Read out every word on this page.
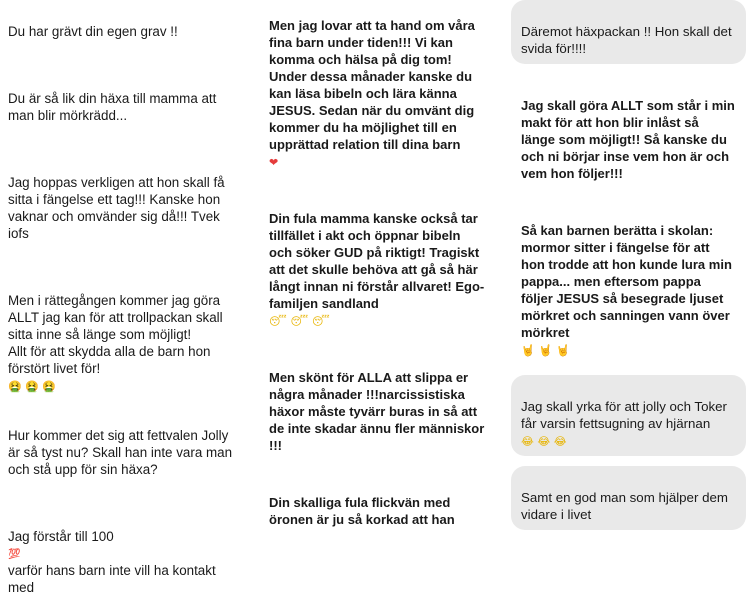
Du har grävt din egen grav !!

Du är så lik din häxa till mamma att man blir mörkrädd...

Jag hoppas verkligen att hon skall få sitta i fängelse ett tag!!! Kanske hon vaknar och omvänder sig då!!! Tvek iofs

Men i rättegången kommer jag göra ALLT jag kan för att trollpackan skall sitta inne så länge som möjligt!
Allt för att skydda alla de barn hon förstört livet för!

🤮 🤮 🤮

Hur kommer det sig att fettvalen Jolly är så tyst nu? Skall han inte vara man och stå upp för sin häxa?

Jag förstår till 100
💯
varför hans barn inte vill ha kontakt med

Men jag lovar att ta hand om våra fina barn under tiden!!! Vi kan komma och hälsa på dig tom! Under dessa månader kanske du kan läsa bibeln och lära känna JESUS. Sedan när du omvänt dig kommer du ha möjlighet till en upprättad relation till dina barn
❤

Din fula mamma kanske också tar tillfället i akt och öppnar bibeln och söker GUD på riktigt! Tragiskt att det skulle behöva att gå så här långt innan ni förstår allvaret! Ego-familjen sandland
😴 😴 😴

Men skönt för ALLA att slippa er några månader !!!narcissistiska häxor måste tyvärr buras in så att de inte skadar ännu fler människor !!!

Din skalliga fula flickvän med öronen är ju så korkad att han

Däremot häxpackan !! Hon skall det svida för!!!!

Jag skall göra ALLT som står i min makt för att hon blir inlåst så länge som möjligt!! Så kanske du och ni börjar inse vem hon är och vem hon följer!!!

Så kan barnen berätta i skolan: mormor sitter i fängelse för att hon trodde att hon kunde lura min pappa... men eftersom pappa följer JESUS så besegrade ljuset mörkret och sanningen vann över mörkret
🤘 🤘 🤘

Jag skall yrka för att jolly och Toker får varsin fettsugning av hjärnan
😂 😂 😂

Samt en god man som hjälper dem vidare i livet
